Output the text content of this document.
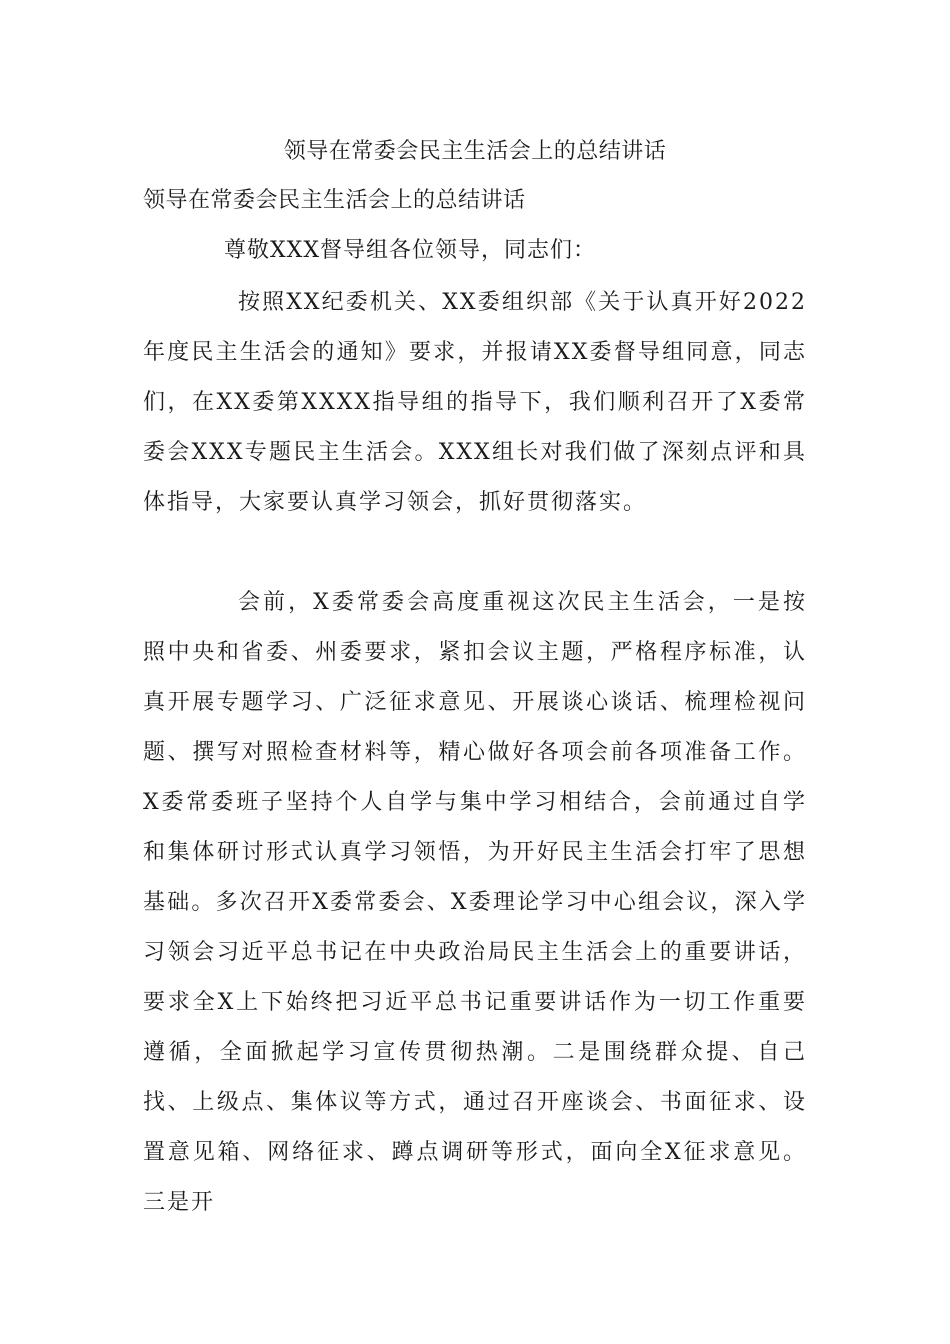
领导在常委会民主生活会上的总结讲话
领导在常委会民主生活会上的总结讲话
尊敬XXX督导组各位领导，同志们：

按照XX纪委机关、XX委组织部《关于认真开好2022年度民主生活会的通知》要求，并报请XX委督导组同意，同志们，在XX委第XXXX指导组的指导下，我们顺利召开了X委常委会XXX专题民主生活会。XXX组长对我们做了深刻点评和具体指导，大家要认真学习领会，抓好贯彻落实。

会前，X委常委会高度重视这次民主生活会，一是按照中央和省委、州委要求，紧扣会议主题，严格程序标准，认真开展专题学习、广泛征求意见、开展谈心谈话、梳理检视问题、撰写对照检查材料等，精心做好各项会前各项准备工作。X委常委班子坚持个人自学与集中学习相结合，会前通过自学和集体研讨形式认真学习领悟，为开好民主生活会打牢了思想基础。多次召开X委常委会、X委理论学习中心组会议，深入学习领会习近平总书记在中央政治局民主生活会上的重要讲话，要求全X上下始终把习近平总书记重要讲话作为一切工作重要遵循，全面掀起学习宣传贯彻热潮。二是围绕群众提、自己找、上级点、集体议等方式，通过召开座谈会、书面征求、设置意见箱、网络征求、蹲点调研等形式，面向全X征求意见。三是开
